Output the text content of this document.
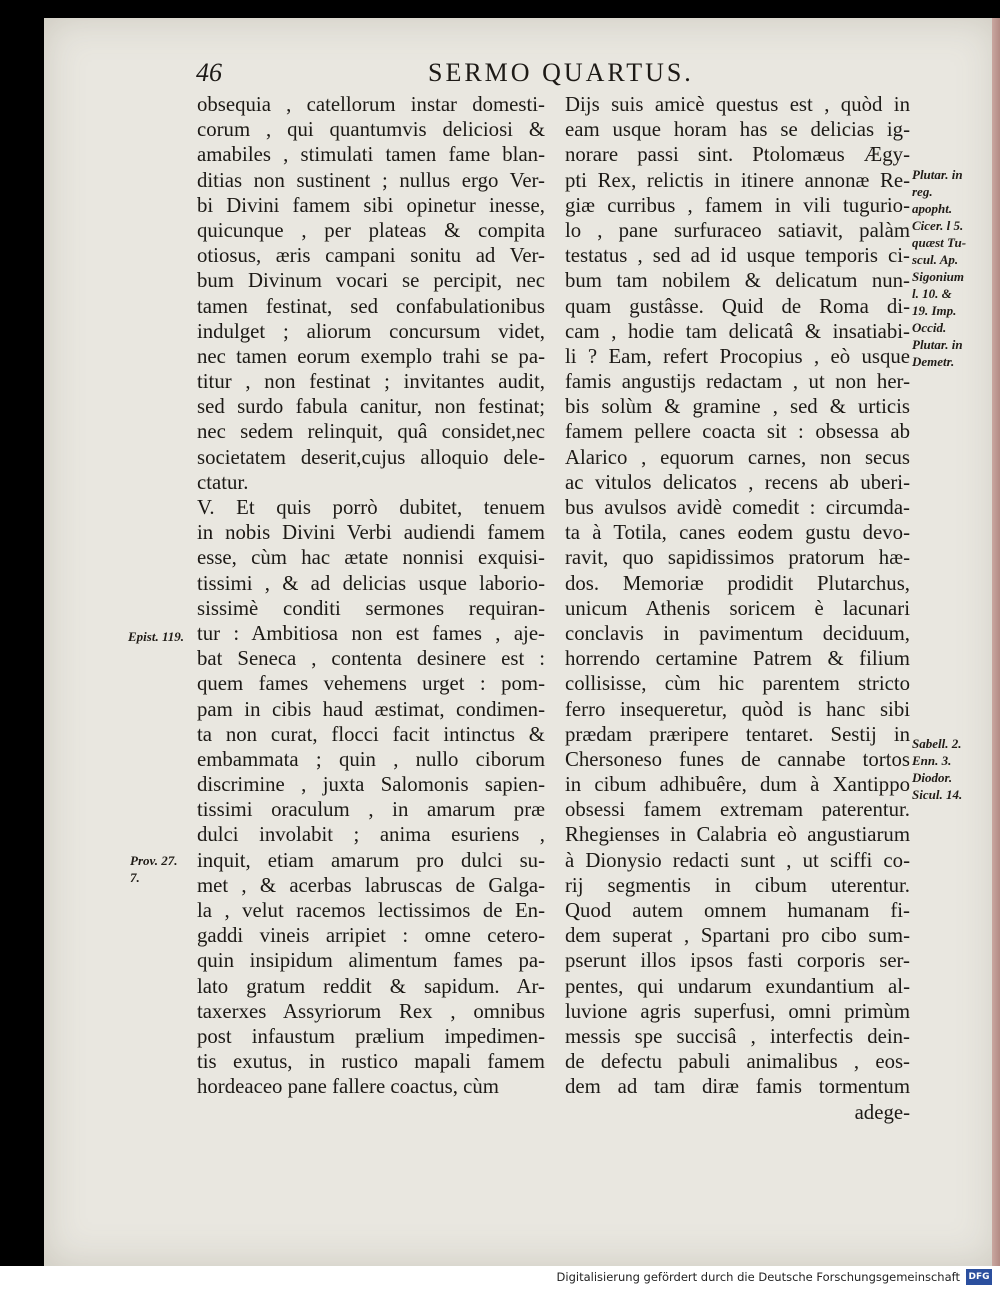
46	SERMO QUARTUS.
obsequia , catellorum instar domesti-
corum , qui quantumvis deliciosi &
amabiles , stimulati tamen fame blan-
ditias non sustinent ; nullus ergo Ver-
bi Divini famem sibi opinetur inesse,
quicunque , per plateas & compita
otiosus, æris campani sonitu ad Ver-
bum Divinum vocari se percipit, nec
tamen festinat, sed confabulationibus
indulget ; aliorum concursum videt,
nec tamen eorum exemplo trahi se pa-
titur , non festinat ; invitantes audit,
sed surdo fabula canitur, non festinat;
nec sedem relinquit, quâ considet,nec
societatem deserit,cujus alloquio dele-
ctatur.
V. Et quis porrò dubitet, tenuem
in nobis Divini Verbi audiendi famem
esse, cùm hac ætate nonnisi exquisi-
tissimi , & ad delicias usque laborio-
sissimè conditi sermones requiran-
tur : Ambitiosa non est fames , aje-
bat Seneca , contenta desinere est :
quem fames vehemens urget : pom-
pam in cibis haud æstimat, condimen-
ta non curat, flocci facit intinctus &
embammata ; quin , nullo ciborum
discrimine , juxta Salomonis sapien-
tissimi oraculum , in amarum præ
dulci involabit ; anima esuriens ,
inquit, etiam amarum pro dulci su-
met , & acerbas labruscas de Galga-
la , velut racemos lectissimos de En-
gaddi vineis arripiet : omne cetero-
quin insipidum alimentum fames pa-
lato gratum reddit & sapidum. Ar-
taxerxes Assyriorum Rex , omnibus
post infaustum prælium impedimen-
tis exutus, in rustico mapali famem
hordeaceo pane fallere coactus, cùm
Dijs suis amicè questus est , quòd in
eam usque horam has se delicias ig-
norare passi sint. Ptolomæus Ægy-
pti Rex, relictis in itinere annonæ Re-
giæ curribus , famem in vili tugurio-
lo , pane surfuraceo satiavit, palàm
testatus , sed ad id usque temporis ci-
bum tam nobilem & delicatum nun-
quam gustâsse. Quid de Roma di-
cam , hodie tam delicatâ & insatiabi-
li ? Eam, refert Procopius , eò usque
famis angustijs redactam , ut non her-
bis solùm & gramine , sed & urticis
famem pellere coacta sit : obsessa ab
Alarico , equorum carnes, non secus
ac vitulos delicatos , recens ab uberi-
bus avulsos avidè comedit : circumda-
ta à Totila, canes eodem gustu devo-
ravit, quo sapidissimos pratorum hæ-
dos. Memoriæ prodidit Plutarchus,
unicum Athenis soricem è lacunari
conclavis in pavimentum deciduum,
horrendo certamine Patrem & filium
collisisse, cùm hic parentem stricto
ferro insequeretur, quòd is hanc sibi
prædam præripere tentaret. Sestij in
Chersoneso funes de cannabe tortos
in cibum adhibuêre, dum à Xantippo
obsessi famem extremam paterentur.
Rhegienses in Calabria eò angustiarum
à Dionysio redacti sunt , ut sciffi co-
rij segmentis in cibum uterentur.
Quod autem omnem humanam fi-
dem superat , Spartani pro cibo sum-
pserunt illos ipsos fasti corporis ser-
pentes, qui undarum exundantium al-
luvione agris superfusi, omni primùm
messis spe succisâ , interfectis dein-
de defectu pabuli animalibus , eos-
dem ad tam diræ famis tormentum
adege-
Epist. 119.
Prov. 27.
7.
Plutar. in
reg.
apopht.
Cicer. l 5.
quæst Tu-
scul. Ap.
Sigonium
l. 10. &
19. Imp.
Occid.
Plutar. in
Demetr.
Sabell. 2.
Enn. 3.
Diodor.
Sicul. 14.
Digitalisierung gefördert durch die Deutsche Forschungsgemeinschaft DFG
